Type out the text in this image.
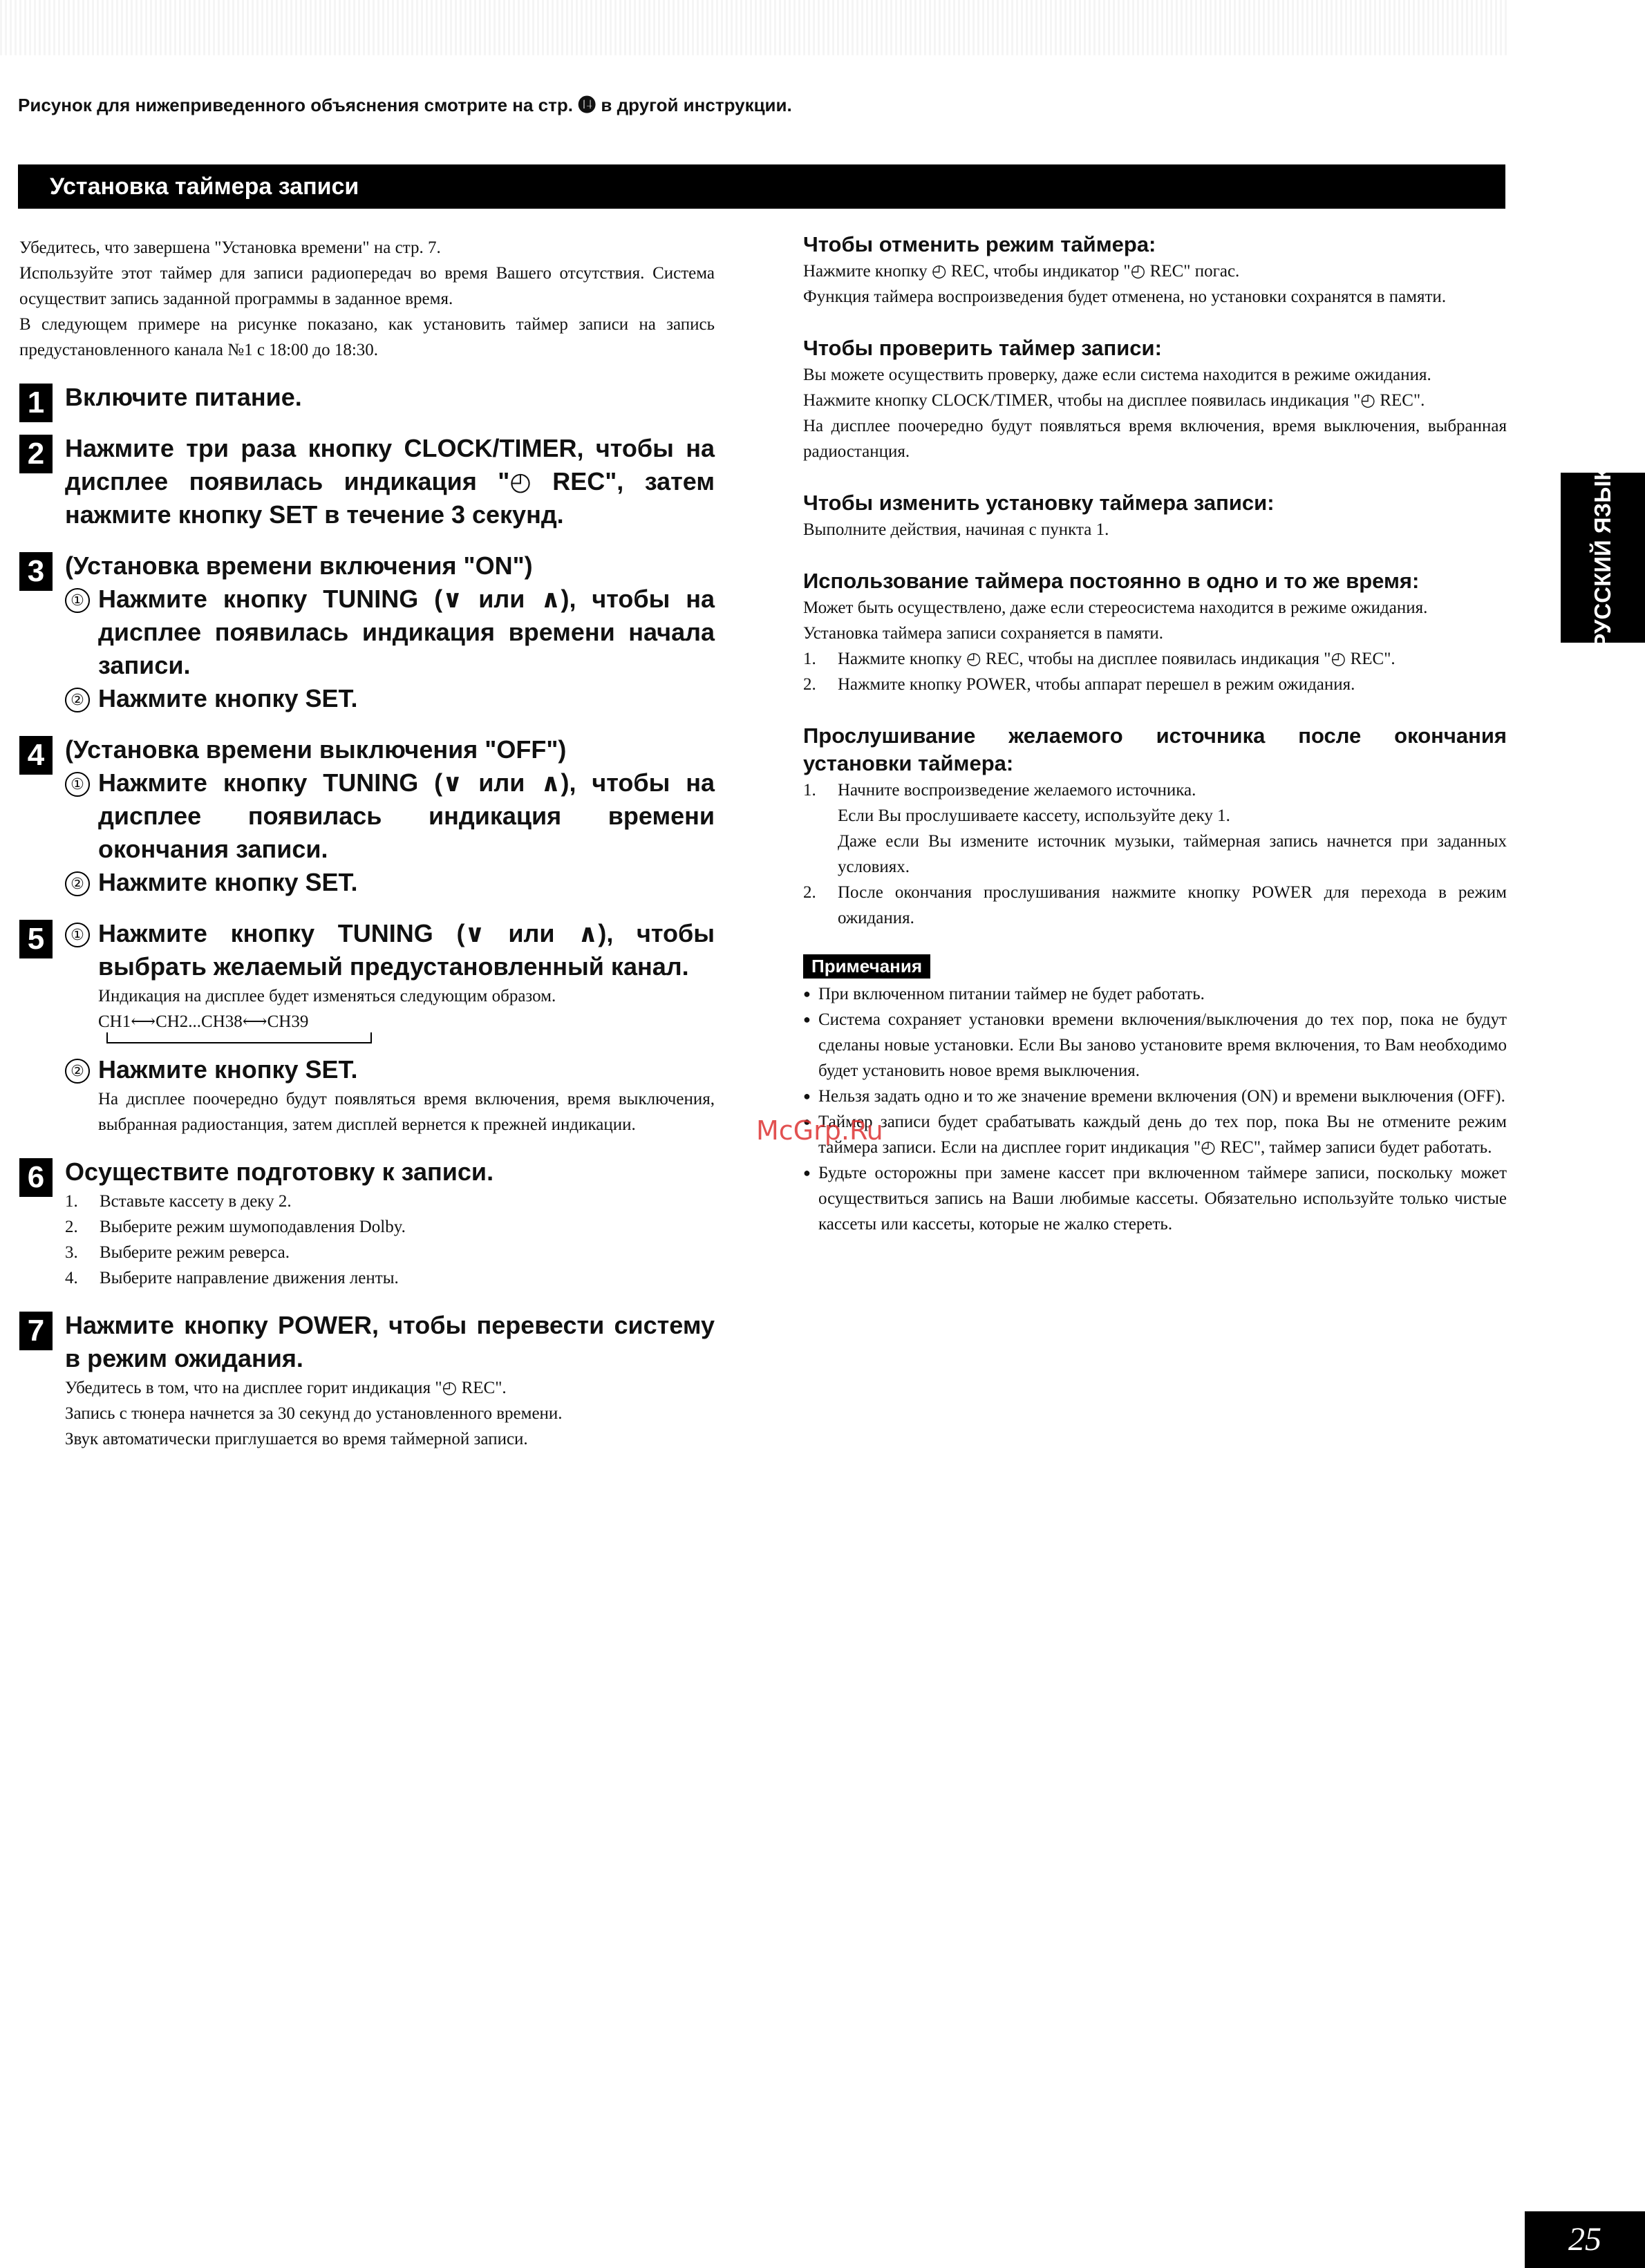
Рисунок для нижеприведенного объяснения смотрите на стр. ⓮ в другой инструкции.
Установка таймера записи
РУССКИЙ ЯЗЫК
Убедитесь, что завершена "Установка времени" на стр. 7.
Используйте этот таймер для записи радиопередач во время Вашего отсутствия. Система осуществит запись заданной программы в заданное время.
В следующем примере на рисунке показано, как установить таймер записи на запись предустановленного канала №1 с 18:00 до 18:30.
1 Включите питание.
2 Нажмите три раза кнопку CLOCK/TIMER, чтобы на дисплее появилась индикация "◴ REC", затем нажмите кнопку SET в течение 3 секунд.
3 (Установка времени включения "ON")
① Нажмите кнопку TUNING (∨ или ∧), чтобы на дисплее появилась индикация времени начала записи.
② Нажмите кнопку SET.
4 (Установка времени выключения "OFF")
① Нажмите кнопку TUNING (∨ или ∧), чтобы на дисплее появилась индикация времени окончания записи.
② Нажмите кнопку SET.
5	① Нажмите кнопку TUNING (∨ или ∧), чтобы выбрать желаемый предустановленный канал.
Индикация на дисплее будет изменяться следующим образом.
CH1⟷CH2...CH38⟷CH39
② Нажмите кнопку SET.
На дисплее поочередно будут появляться время включения, время выключения, выбранная радиостанция, затем дисплей вернется к прежней индикации.
6 Осуществите подготовку к записи.
1. Вставьте кассету в деку 2.
2. Выберите режим шумоподавления Dolby.
3. Выберите режим реверса.
4. Выберите направление движения ленты.
7 Нажмите кнопку POWER, чтобы перевести систему в режим ожидания.
Убедитесь в том, что на дисплее горит индикация "◴ REC".
Запись с тюнера начнется за 30 секунд до установленного времени.
Звук автоматически приглушается во время таймерной записи.
Чтобы отменить режим таймера:
Нажмите кнопку ◴ REC, чтобы индикатор "◴ REC" погас.
Функция таймера воспроизведения будет отменена, но установки сохранятся в памяти.
Чтобы проверить таймер записи:
Вы можете осуществить проверку, даже если система находится в режиме ожидания.
Нажмите кнопку CLOCK/TIMER, чтобы на дисплее появилась индикация "◴ REC".
На дисплее поочередно будут появляться время включения, время выключения, выбранная радиостанция.
Чтобы изменить установку таймера записи:
Выполните действия, начиная с пункта 1.
Использование таймера постоянно в одно и то же время:
Может быть осуществлено, даже если стереосистема находится в режиме ожидания.
Установка таймера записи сохраняется в памяти.
1. Нажмите кнопку ◴ REC, чтобы на дисплее появилась индикация "◴ REC".
2. Нажмите кнопку POWER, чтобы аппарат перешел в режим ожидания.
Прослушивание желаемого источника после окончания установки таймера:
1. Начните воспроизведение желаемого источника.
Если Вы прослушиваете кассету, используйте деку 1.
Даже если Вы измените источник музыки, таймерная запись начнется при заданных условиях.
2. После окончания прослушивания нажмите кнопку POWER для перехода в режим ожидания.
Примечания
● При включенном питании таймер не будет работать.
● Система сохраняет установки времени включения/выключения до тех пор, пока не будут сделаны новые установки. Если Вы заново установите время включения, то Вам необходимо будет установить новое время выключения.
● Нельзя задать одно и то же значение времени включения (ON) и времени выключения (OFF).
● Таймер записи будет срабатывать каждый день до тех пор, пока Вы не отмените режим таймера записи. Если на дисплее горит индикация "◴ REC", таймер записи будет работать.
● Будьте осторожны при замене кассет при включенном таймере записи, поскольку может осуществиться запись на Ваши любимые кассеты. Обязательно используйте только чистые кассеты или кассеты, которые не жалко стереть.
McGrp.Ru
25
